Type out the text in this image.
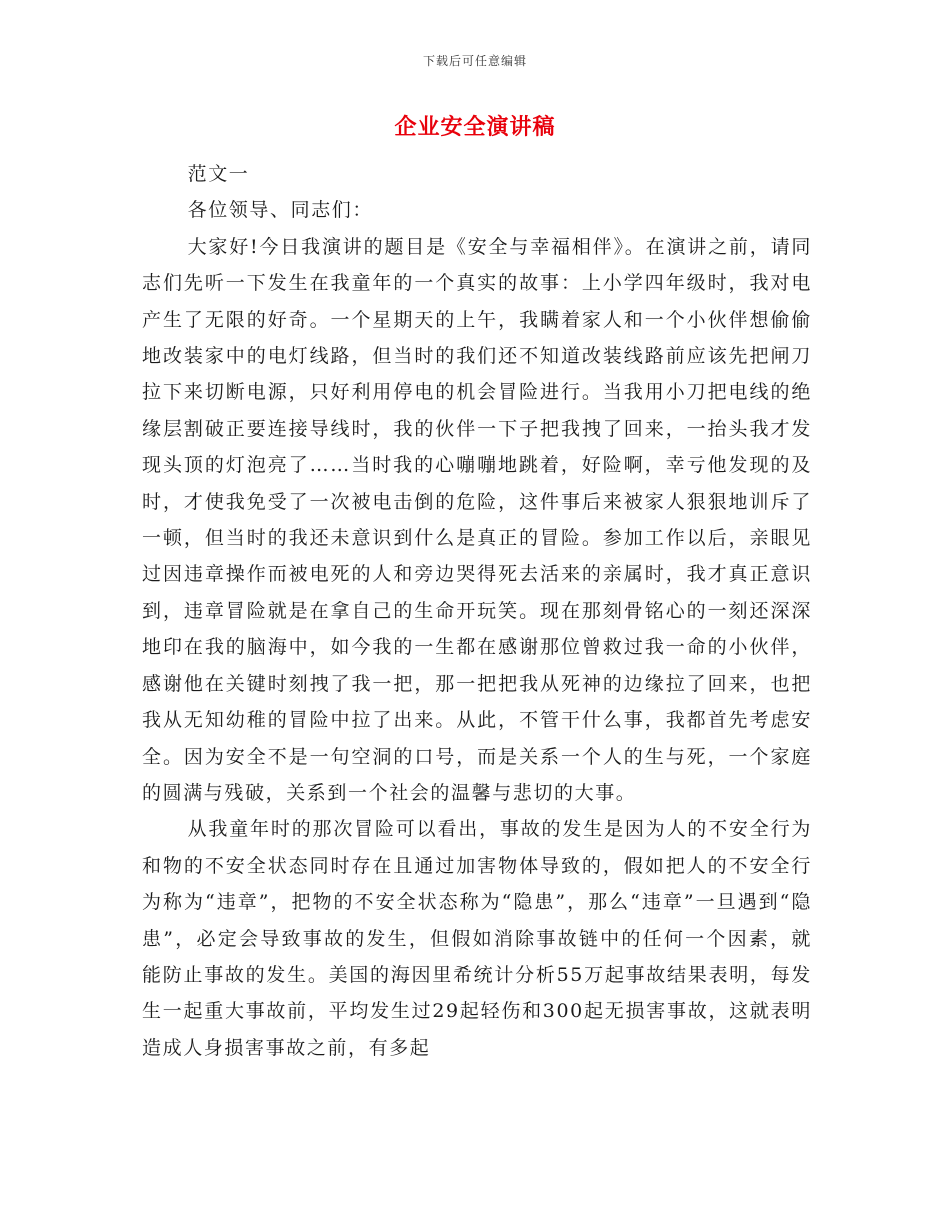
下载后可任意编辑
企业安全演讲稿

范文一

各位领导、同志们：

大家好!今日我演讲的题目是《安全与幸福相伴》。在演讲之前，请同志们先听一下发生在我童年的一个真实的故事：上小学四年级时，我对电产生了无限的好奇。一个星期天的上午，我瞒着家人和一个小伙伴想偷偷地改装家中的电灯线路，但当时的我们还不知道改装线路前应该先把闸刀拉下来切断电源，只好利用停电的机会冒险进行。当我用小刀把电线的绝缘层割破正要连接导线时，我的伙伴一下子把我拽了回来，一抬头我才发现头顶的灯泡亮了……当时我的心嘣嘣地跳着，好险啊，幸亏他发现的及时，才使我免受了一次被电击倒的危险，这件事后来被家人狠狠地训斥了一顿，但当时的我还未意识到什么是真正的冒险。参加工作以后，亲眼见过因违章操作而被电死的人和旁边哭得死去活来的亲属时，我才真正意识到，违章冒险就是在拿自己的生命开玩笑。现在那刻骨铭心的一刻还深深地印在我的脑海中，如今我的一生都在感谢那位曾救过我一命的小伙伴，感谢他在关键时刻拽了我一把，那一把把我从死神的边缘拉了回来，也把我从无知幼稚的冒险中拉了出来。从此，不管干什么事，我都首先考虑安全。因为安全不是一句空洞的口号，而是关系一个人的生与死，一个家庭的圆满与残破，关系到一个社会的温馨与悲切的大事。

从我童年时的那次冒险可以看出，事故的发生是因为人的不安全行为和物的不安全状态同时存在且通过加害物体导致的，假如把人的不安全行为称为“违章”，把物的不安全状态称为“隐患”，那么“违章”一旦遇到“隐患”，必定会导致事故的发生，但假如消除事故链中的任何一个因素，就能防止事故的发生。美国的海因里希统计分析55万起事故结果表明，每发生一起重大事故前，平均发生过29起轻伤和300起无损害事故，这就表明造成人身损害事故之前，有多起
